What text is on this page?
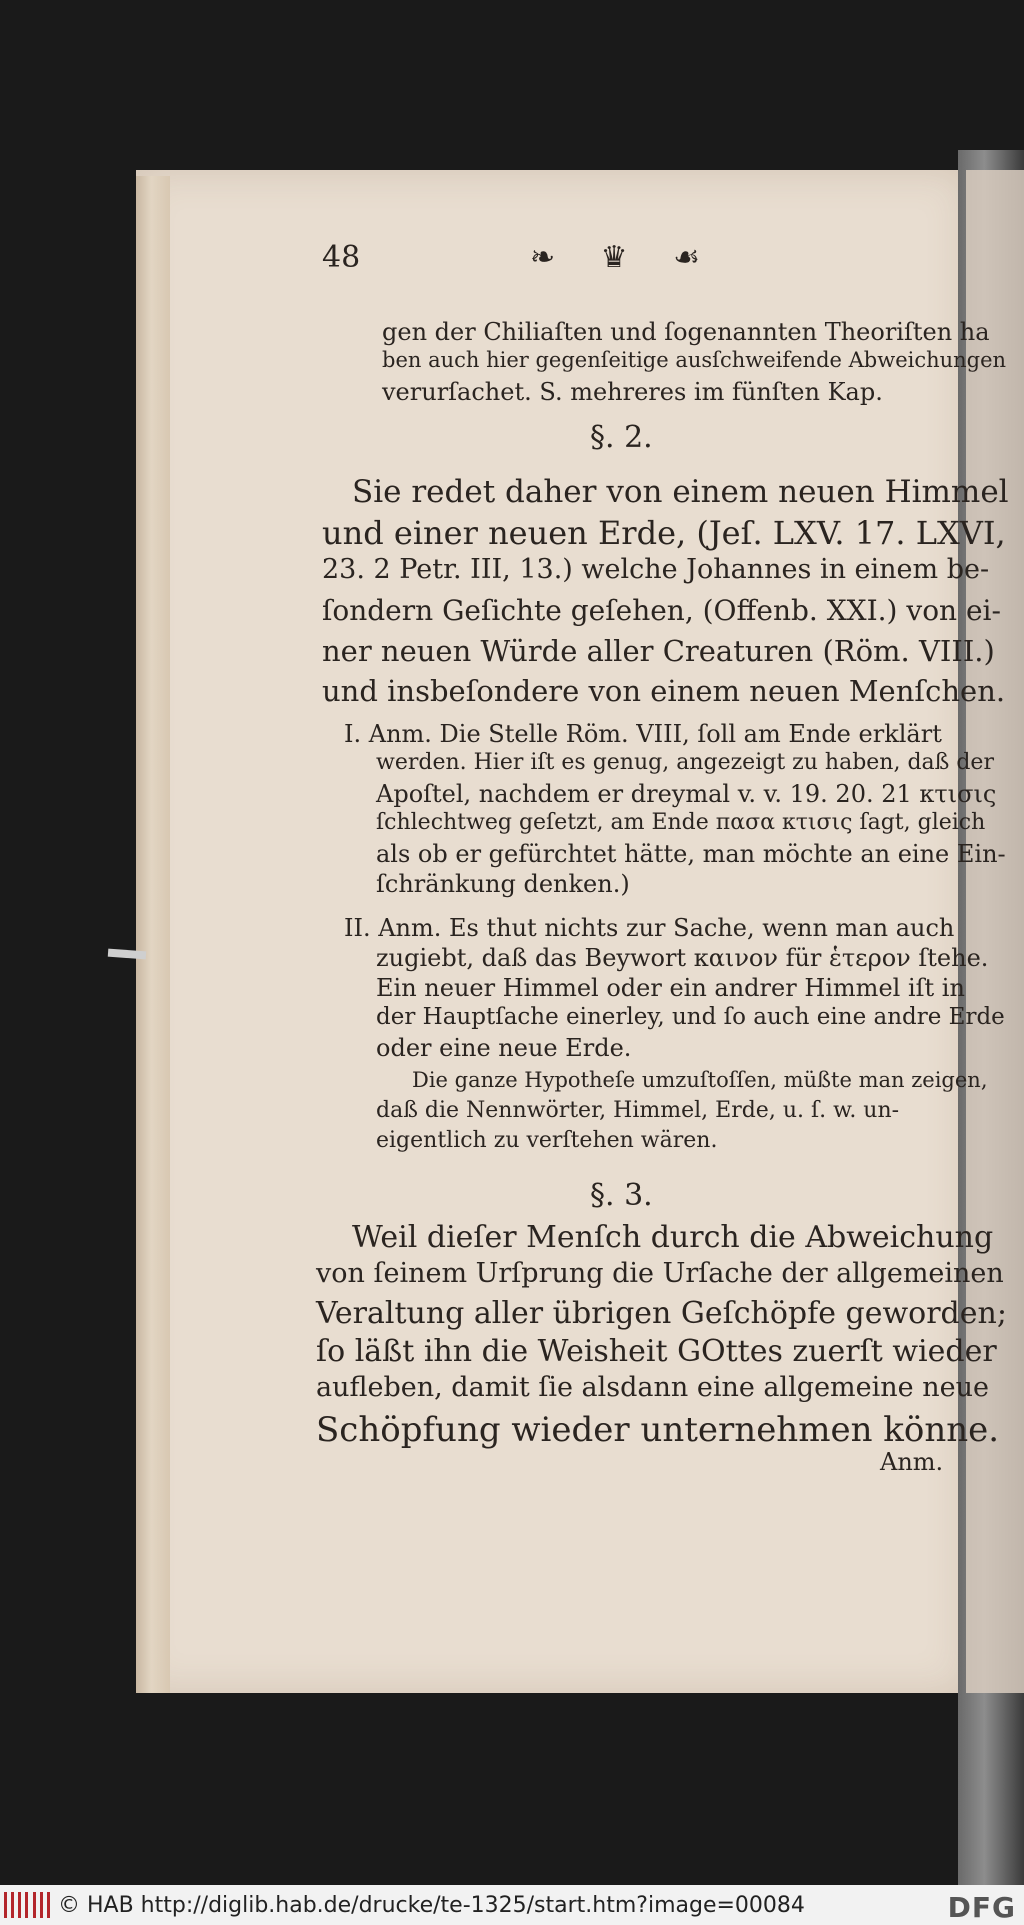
48	❧ ♛ ☙
gen der Chiliaſten und ſogenannten Theoriſten ha
ben auch hier gegenſeitige ausſchweifende Abweichungen
verurſachet. S. mehreres im fünſten Kap.
§. 2.
Sie redet daher von einem neuen Himmel
und einer neuen Erde, (Jeſ. LXV. 17. LXVI,
23. 2 Petr. III, 13.) welche Johannes in einem be-
ſondern Geſichte geſehen, (Offenb. XXI.) von ei-
ner neuen Würde aller Creaturen (Röm. VIII.)
und insbeſondere von einem neuen Menſchen.
I. Anm. Die Stelle Röm. VIII, ſoll am Ende erklärt
werden. Hier iſt es genug, angezeigt zu haben, daß der
Apoſtel, nachdem er dreymal v. v. 19. 20. 21 κτισις
ſchlechtweg geſetzt, am Ende πασα κτισις ſagt, gleich
als ob er gefürchtet hätte, man möchte an eine Ein-
ſchränkung denken.)
II. Anm. Es thut nichts zur Sache, wenn man auch
zugiebt, daß das Beywort καινον für ἑτερον ſtehe.
Ein neuer Himmel oder ein andrer Himmel iſt in
der Hauptſache einerley, und ſo auch eine andre Erde
oder eine neue Erde.
Die ganze Hypotheſe umzuſtoſſen, müßte man zeigen,
daß die Nennwörter, Himmel, Erde, u. ſ. w. un-
eigentlich zu verſtehen wären.
§. 3.
Weil dieſer Menſch durch die Abweichung
von ſeinem Urſprung die Urſache der allgemeinen
Veraltung aller übrigen Geſchöpfe geworden;
ſo läßt ihn die Weisheit GOttes zuerſt wieder
aufleben, damit ſie alsdann eine allgemeine neue
Schöpfung wieder unternehmen könne.
Anm.
© HAB http://diglib.hab.de/drucke/te-1325/start.htm?image=00084	DFG
